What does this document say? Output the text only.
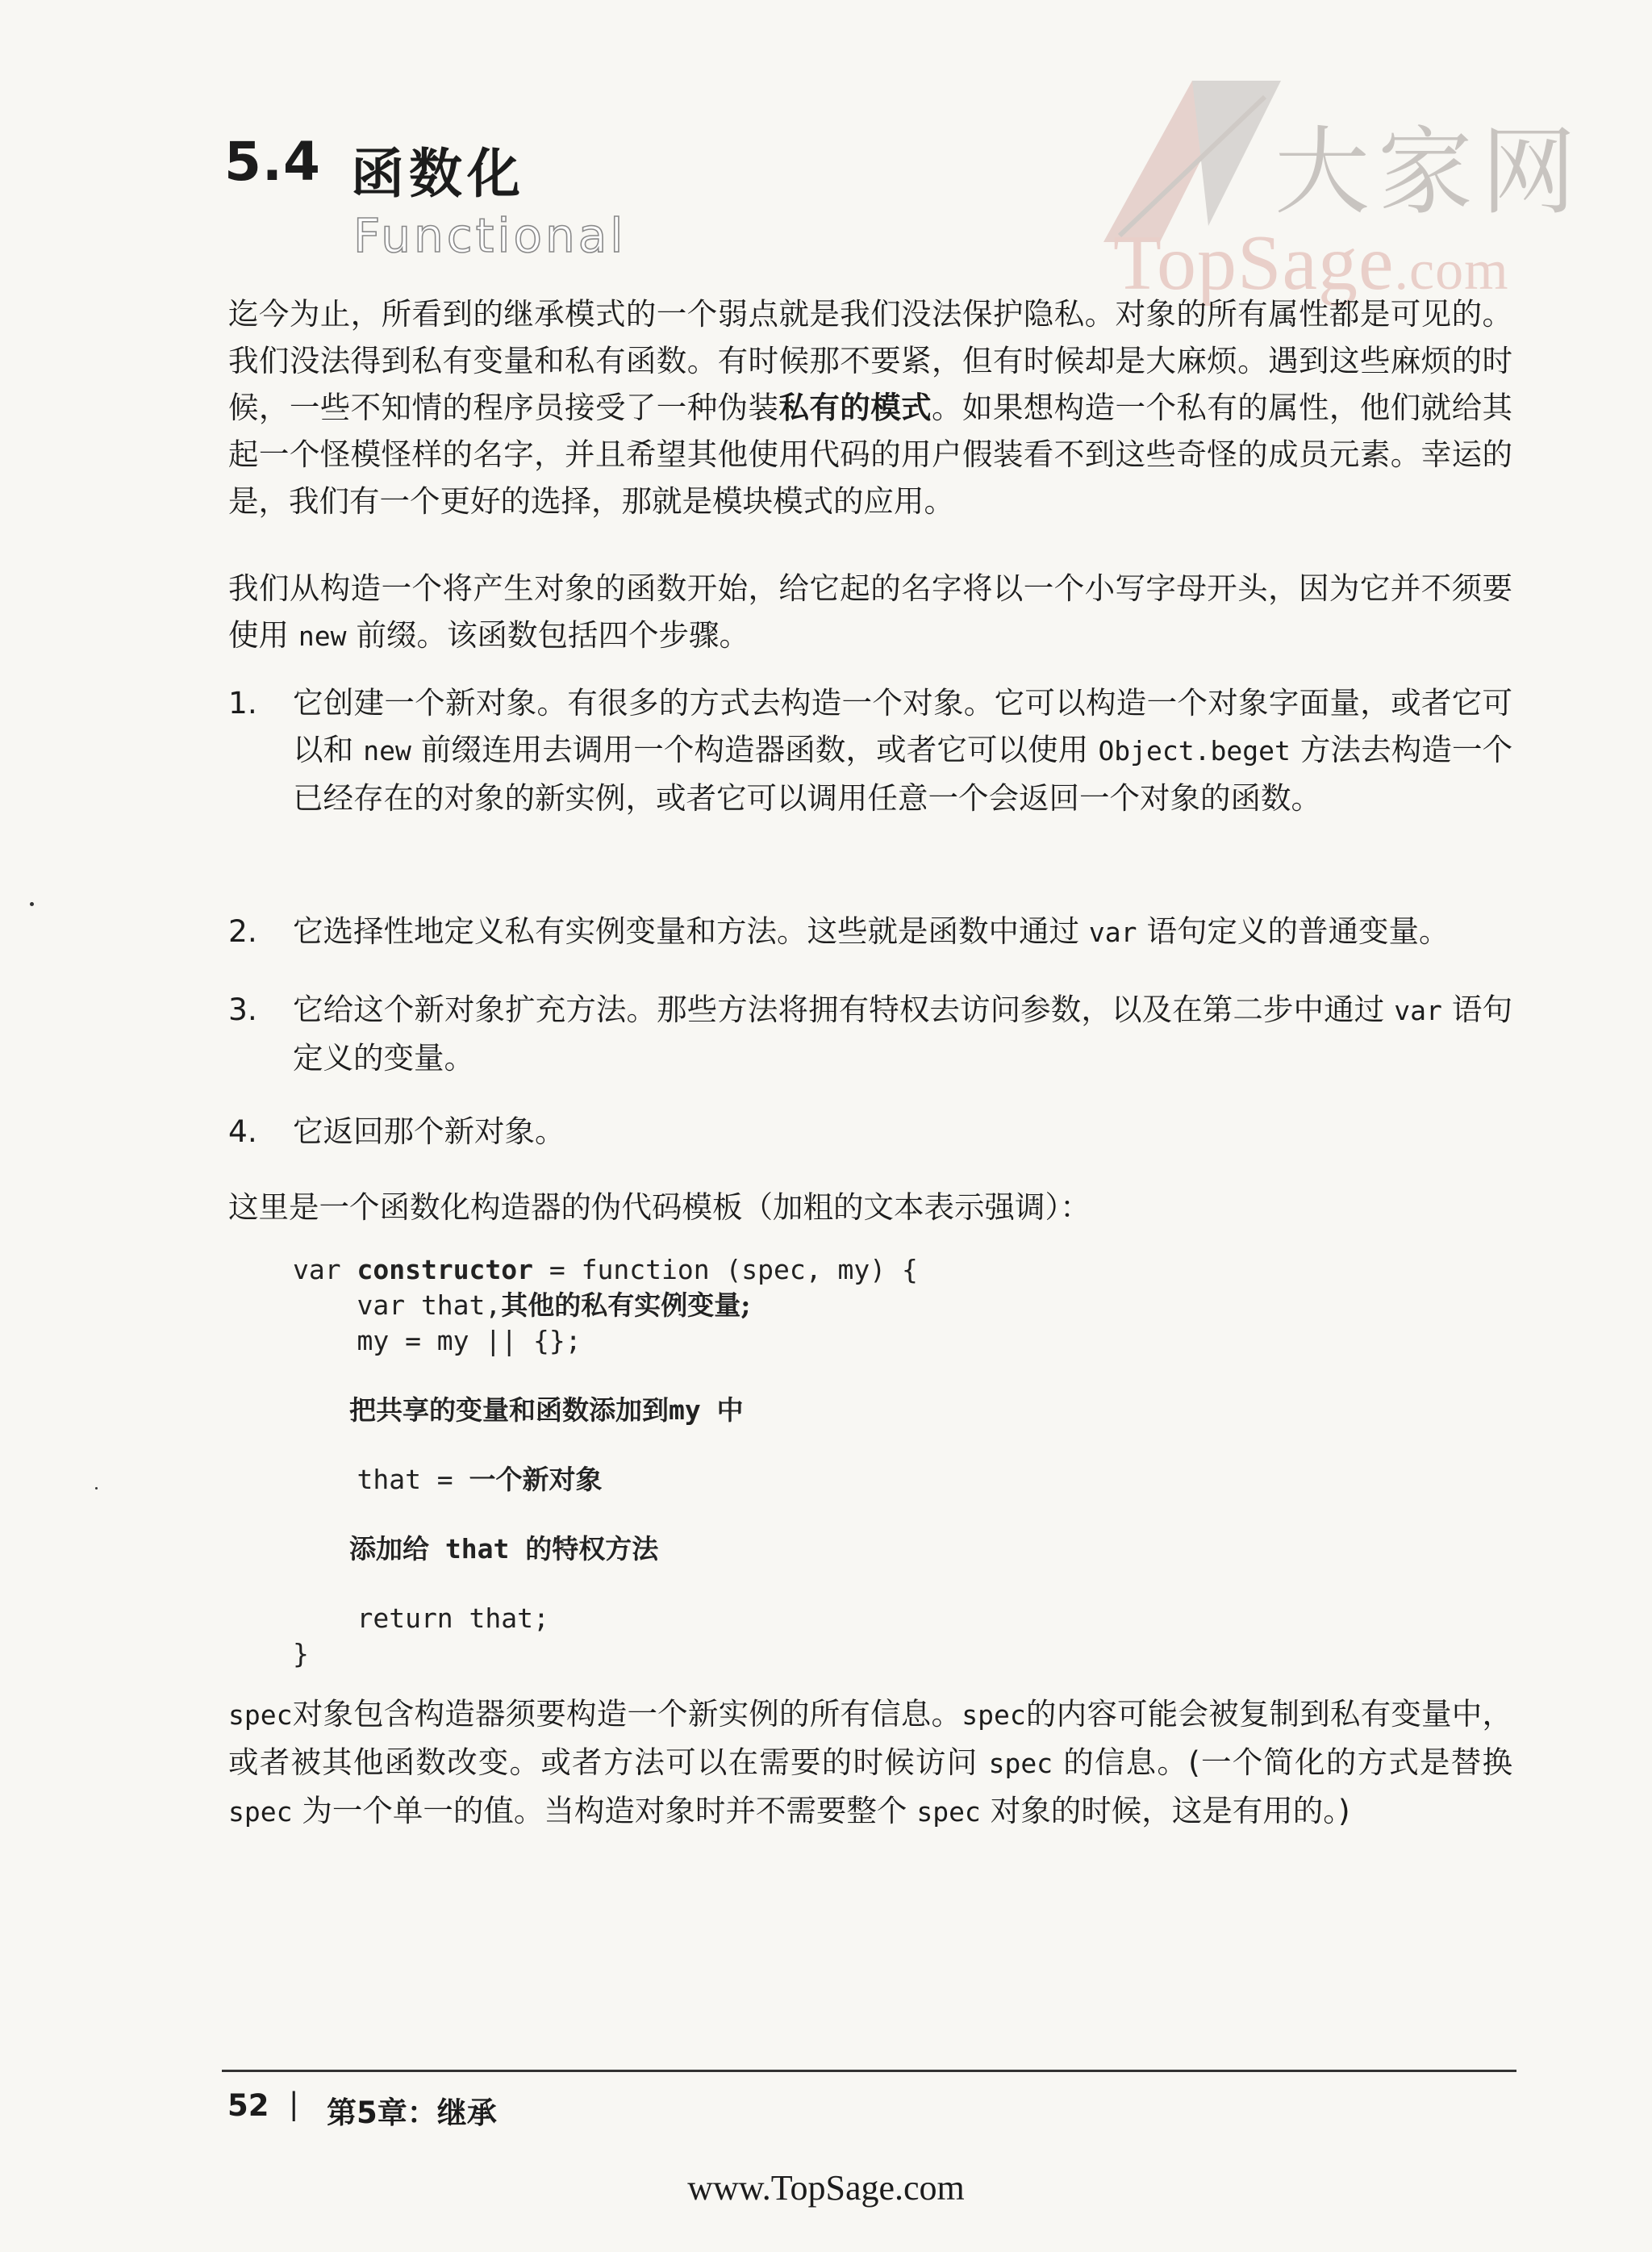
大家网
TopSage.com
5.4 函数化
Functional
迄今为止，所看到的继承模式的一个弱点就是我们没法保护隐私。对象的所有属性都是可见的。我们没法得到私有变量和私有函数。有时候那不要紧，但有时候却是大麻烦。遇到这些麻烦的时候，一些不知情的程序员接受了一种伪装私有的模式。如果想构造一个私有的属性，他们就给其起一个怪模怪样的名字，并且希望其他使用代码的用户假装看不到这些奇怪的成员元素。幸运的是，我们有一个更好的选择，那就是模块模式的应用。
我们从构造一个将产生对象的函数开始，给它起的名字将以一个小写字母开头，因为它并不须要使用 new 前缀。该函数包括四个步骤。
1. 它创建一个新对象。有很多的方式去构造一个对象。它可以构造一个对象字面量，或者它可以和 new 前缀连用去调用一个构造器函数，或者它可以使用 Object.beget 方法去构造一个已经存在的对象的新实例，或者它可以调用任意一个会返回一个对象的函数。
2. 它选择性地定义私有实例变量和方法。这些就是函数中通过 var 语句定义的普通变量。
3. 它给这个新对象扩充方法。那些方法将拥有特权去访问参数，以及在第二步中通过 var 语句定义的变量。
4. 它返回那个新对象。
这里是一个函数化构造器的伪代码模板（加粗的文本表示强调）：
var constructor = function (spec, my) {
var that,其他的私有实例变量;
my = my || {};
把共享的变量和函数添加到my 中
that = 一个新对象
添加给 that 的特权方法
return that;
}
spec对象包含构造器须要构造一个新实例的所有信息。spec的内容可能会被复制到私有变量中，或者被其他函数改变。或者方法可以在需要的时候访问 spec 的信息。(一个简化的方式是替换 spec 为一个单一的值。当构造对象时并不需要整个 spec 对象的时候，这是有用的。)
52 | 第5章：继承
www.TopSage.com
